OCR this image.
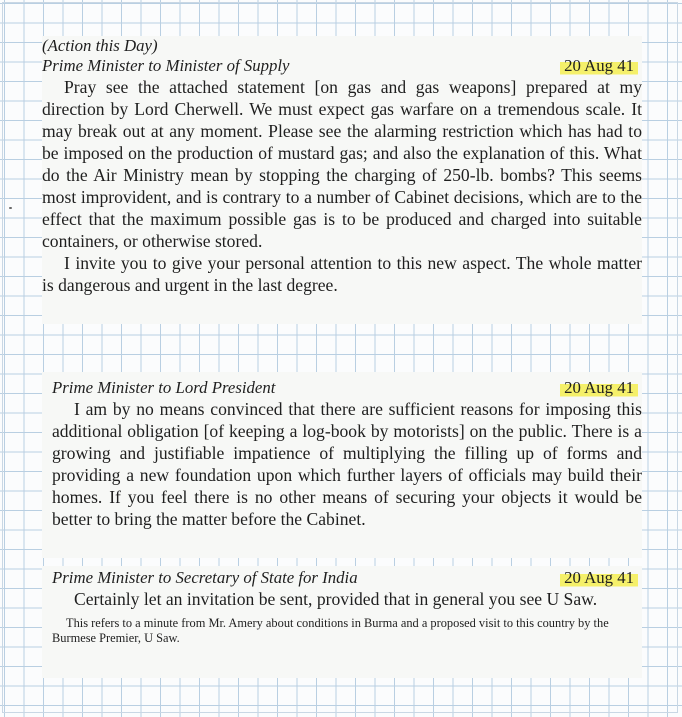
(Action this Day)
Prime Minister to Minister of Supply	20 Aug 41

Pray see the attached statement [on gas and gas weapons] prepared at my direction by Lord Cherwell. We must expect gas warfare on a tremendous scale. It may break out at any moment. Please see the alarming restriction which has had to be imposed on the production of mustard gas; and also the explanation of this. What do the Air Ministry mean by stopping the charging of 250-lb. bombs? This seems most improvident, and is contrary to a number of Cabinet decisions, which are to the effect that the maximum possible gas is to be produced and charged into suitable containers, or otherwise stored.

I invite you to give your personal attention to this new aspect. The whole matter is dangerous and urgent in the last degree.

Prime Minister to Lord President	20 Aug 41

I am by no means convinced that there are sufficient reasons for imposing this additional obligation [of keeping a log-book by motorists] on the public. There is a growing and justifiable impatience of multiplying the filling up of forms and providing a new foundation upon which further layers of officials may build their homes. If you feel there is no other means of securing your objects it would be better to bring the matter before the Cabinet.

Prime Minister to Secretary of State for India	20 Aug 41

Certainly let an invitation be sent, provided that in general you see U Saw.

This refers to a minute from Mr. Amery about conditions in Burma and a proposed visit to this country by the Burmese Premier, U Saw.
